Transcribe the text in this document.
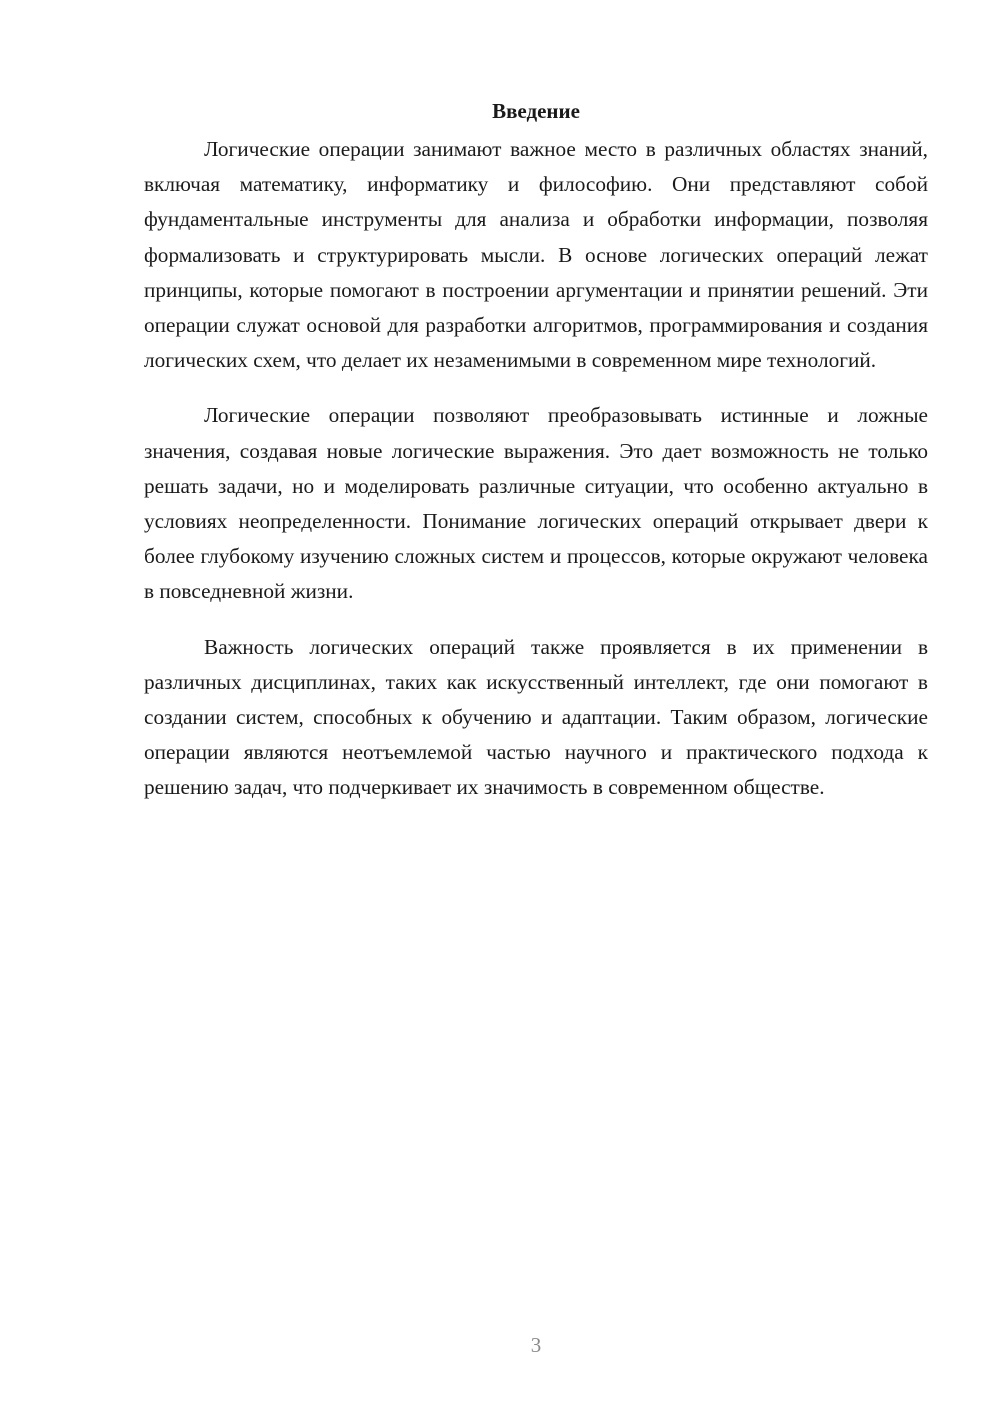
Введение

Логические операции занимают важное место в различных областях знаний, включая математику, информатику и философию. Они представляют собой фундаментальные инструменты для анализа и обработки информации, позволяя формализовать и структурировать мысли. В основе логических операций лежат принципы, которые помогают в построении аргументации и принятии решений. Эти операции служат основой для разработки алгоритмов, программирования и создания логических схем, что делает их незаменимыми в современном мире технологий.

Логические операции позволяют преобразовывать истинные и ложные значения, создавая новые логические выражения. Это дает возможность не только решать задачи, но и моделировать различные ситуации, что особенно актуально в условиях неопределенности. Понимание логических операций открывает двери к более глубокому изучению сложных систем и процессов, которые окружают человека в повседневной жизни.

Важность логических операций также проявляется в их применении в различных дисциплинах, таких как искусственный интеллект, где они помогают в создании систем, способных к обучению и адаптации. Таким образом, логические операции являются неотъемлемой частью научного и практического подхода к решению задач, что подчеркивает их значимость в современном обществе.

3
